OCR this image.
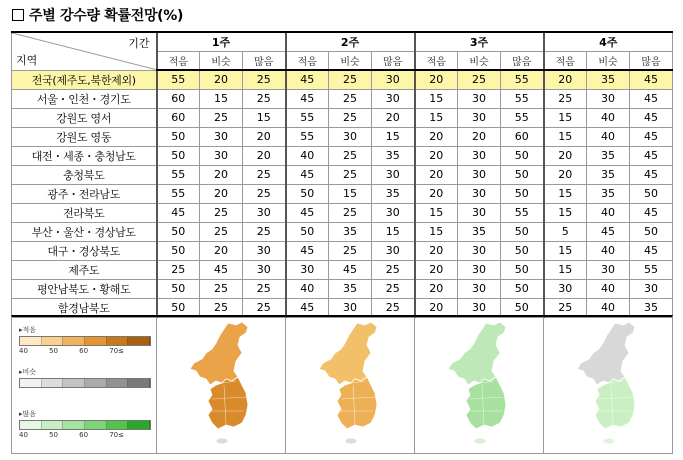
주별 강수량 확률전망(%)
기간
지역	1주			2주			3주			4주		
	적음	비슷	많음	적음	비슷	많음	적음	비슷	많음	적음	비슷	많음
전국(제주도,북한제외)	55	20	25	45	25	30	20	25	55	20	35	45
서울・인천・경기도	60	15	25	45	25	30	15	30	55	25	30	45
강원도 영서	60	25	15	55	25	20	15	30	55	15	40	45
강원도 영동	50	30	20	55	30	15	20	20	60	15	40	45
대전・세종・충청남도	50	30	20	40	25	35	20	30	50	20	35	45
충청북도	55	20	25	45	25	30	20	30	50	20	35	45
광주・전라남도	55	20	25	50	15	35	20	30	50	15	35	50
전라북도	45	25	30	45	25	30	15	30	55	15	40	45
부산・울산・경상남도	50	25	25	50	35	15	15	35	50	5	45	50
대구・경상북도	50	20	30	45	25	30	20	30	50	15	40	45
제주도	25	45	30	30	45	25	20	30	50	15	30	55
평안남북도・황해도	50	25	25	40	35	25	20	30	50	30	40	30
함경남북도	50	25	25	45	30	25	20	30	50	25	40	35
▸적음
40	50	60	70≤
▸비슷
▸많음
40	50	60	70≤
